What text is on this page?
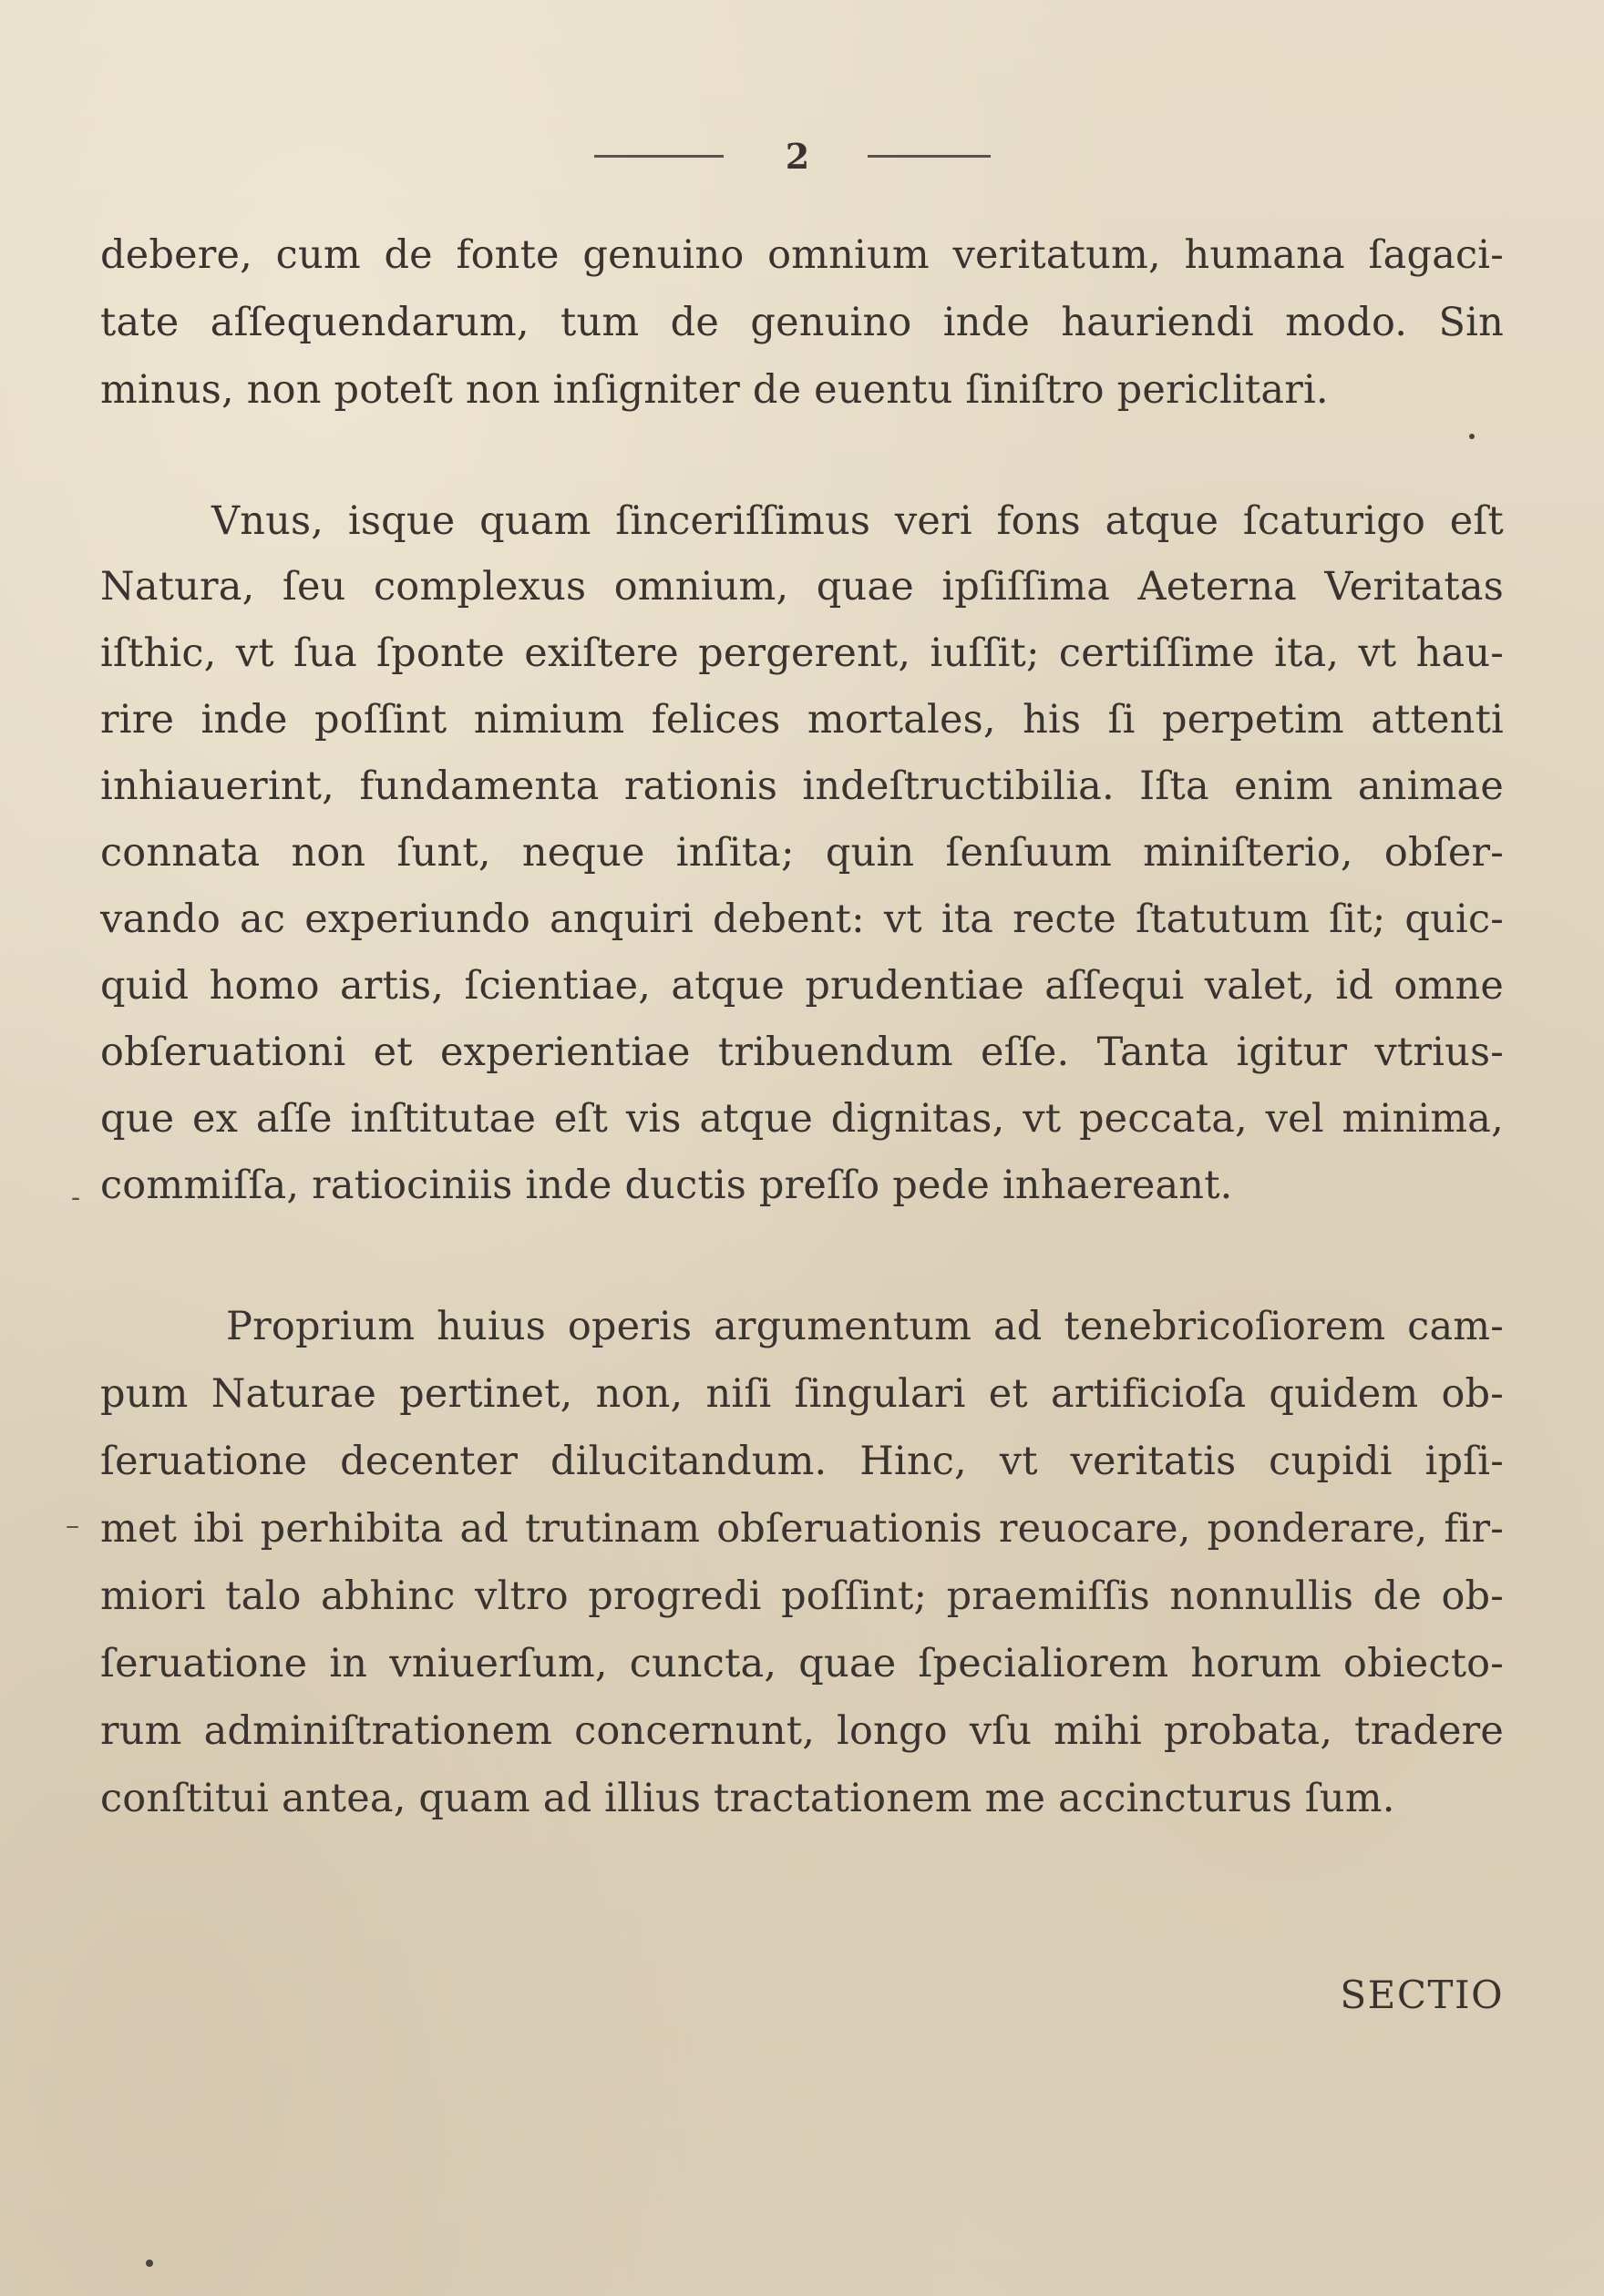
2
debere, cum de fonte genuino omnium veritatum, humana ſagaci-
tate aſſequendarum, tum de genuino inde hauriendi modo. Sin
minus, non poteſt non inſigniter de euentu ſiniſtro periclitari.
Vnus, isque quam ſinceriſſimus veri fons atque ſcaturigo eſt
Natura, ſeu complexus omnium, quae ipſiſſima Aeterna Veritatas
iſthic, vt ſua ſponte exiſtere pergerent, iuſſit; certiſſime ita, vt hau-
rire inde poſſint nimium felices mortales, his ſi perpetim attenti
inhiauerint, fundamenta rationis indeſtructibilia. Iſta enim animae
connata non ſunt, neque inſita; quin ſenſuum miniſterio, obſer-
vando ac experiundo anquiri debent: vt ita recte ſtatutum ſit; quic-
quid homo artis, ſcientiae, atque prudentiae aſſequi valet, id omne
obſeruationi et experientiae tribuendum eſſe. Tanta igitur vtrius-
que ex aſſe inſtitutae eſt vis atque dignitas, vt peccata, vel minima,
commiſſa, ratiociniis inde ductis preſſo pede inhaereant.
Proprium huius operis argumentum ad tenebricoſiorem cam-
pum Naturae pertinet, non, niſi ſingulari et artificioſa quidem ob-
ſeruatione decenter dilucitandum. Hinc, vt veritatis cupidi ipſi-
met ibi perhibita ad trutinam obſeruationis reuocare, ponderare, fir-
miori talo abhinc vltro progredi poſſint; praemiſſis nonnullis de ob-
ſeruatione in vniuerſum, cuncta, quae ſpecialiorem horum obiecto-
rum adminiſtrationem concernunt, longo vſu mihi probata, tradere
conſtitui antea, quam ad illius tractationem me accincturus ſum.
SECTIO
–
-
